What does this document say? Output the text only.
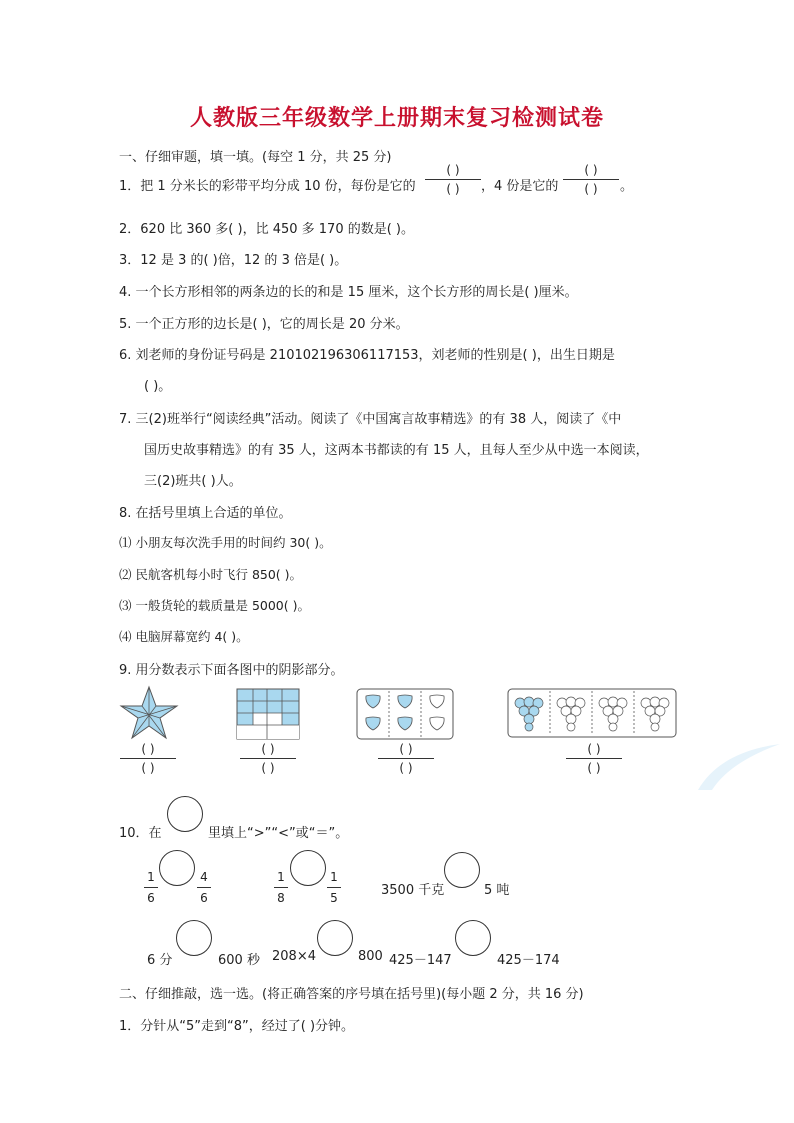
人教版三年级数学上册期末复习检测试卷
一、仔细审题，填一填。(每空 1 分，共 25 分)
1．把 1 分米长的彩带平均分成 10 份，每份是它的
( )
( )	，4 份是它的
( )
( )	。
2．620 比 360 多( )，比 450 多 170 的数是( )。
3．12 是 3 的( )倍，12 的 3 倍是( )。
4. 一个长方形相邻的两条边的长的和是 15 厘米，这个长方形的周长是( )厘米。
5. 一个正方形的边长是( )，它的周长是 20 分米。
6. 刘老师的身份证号码是 210102196306117153，刘老师的性别是( )，出生日期是
( )。
7. 三(2)班举行“阅读经典”活动。阅读了《中国寓言故事精选》的有 38 人，阅读了《中
国历史故事精选》的有 35 人，这两本书都读的有 15 人，且每人至少从中选一本阅读，
三(2)班共( )人。
8. 在括号里填上合适的单位。
⑴ 小朋友每次洗手用的时间约 30( )。
⑵ 民航客机每小时飞行 850( )。
⑶ 一般货轮的载质量是 5000( )。
⑷ 电脑屏幕宽约 4( )。
9. 用分数表示下面各图中的阴影部分。
( )
( )
( )
( )
( )
( )
( )
( )
10．在	里填上“>”“<”或“＝”。
1
6
4
6
1
8
1
5	3500 千克	5 吨
6 分	600 秒 208×4	800 425－147	425－174
二、仔细推敲，选一选。(将正确答案的序号填在括号里)(每小题 2 分，共 16 分)
1．分针从“5”走到“8”，经过了( )分钟。
